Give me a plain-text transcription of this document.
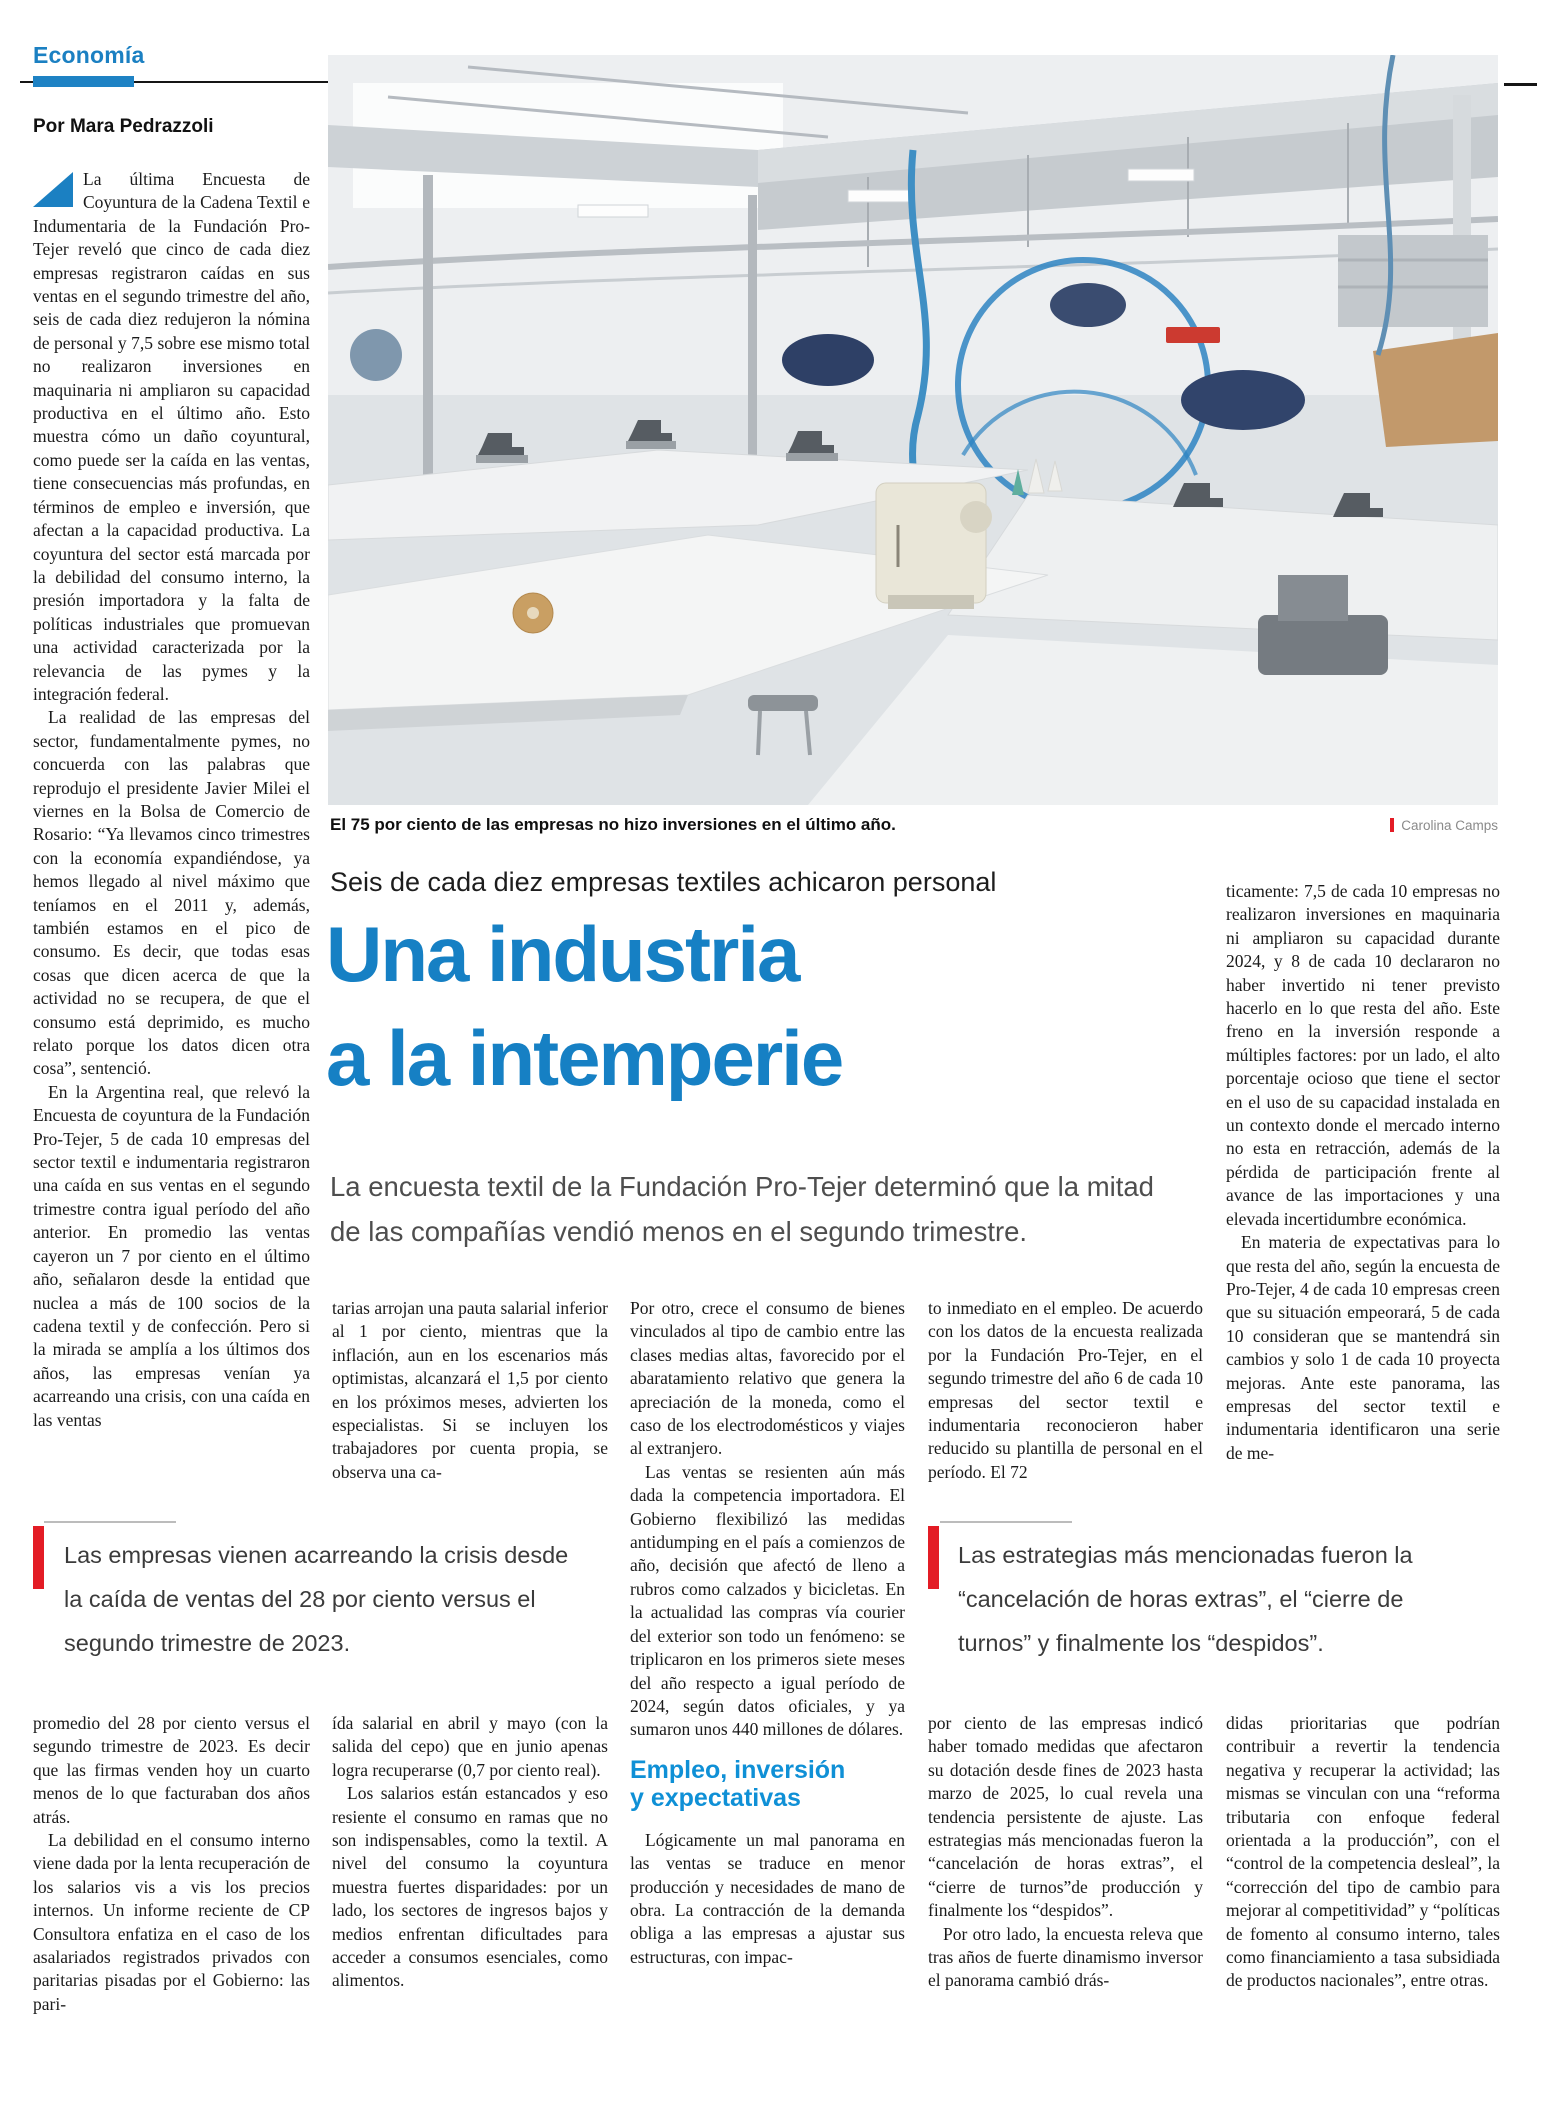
Economía
Por Mara Pedrazzoli

La última Encuesta de Coyuntura de la Cadena Textil e Indumentaria de la Fundación Pro-Tejer reveló que cinco de cada diez empresas registraron caídas en sus ventas en el segundo trimestre del año, seis de cada diez redujeron la nómina de personal y 7,5 sobre ese mismo total no realizaron inversiones en maquinaria ni ampliaron su capacidad productiva en el último año. Esto muestra cómo un daño coyuntural, como puede ser la caída en las ventas, tiene consecuencias más profundas, en términos de empleo e inversión, que afectan a la capacidad productiva. La coyuntura del sector está marcada por la debilidad del consumo interno, la presión importadora y la falta de políticas industriales que promuevan una actividad caracterizada por la relevancia de las pymes y la integración federal.

La realidad de las empresas del sector, fundamentalmente pymes, no concuerda con las palabras que reprodujo el presidente Javier Milei el viernes en la Bolsa de Comercio de Rosario: “Ya llevamos cinco trimestres con la economía expandiéndose, ya hemos llegado al nivel máximo que teníamos en el 2011 y, además, también estamos en el pico de consumo. Es decir, que todas esas cosas que dicen acerca de que la actividad no se recupera, de que el consumo está deprimido, es mucho relato porque los datos dicen otra cosa”, sentenció.

En la Argentina real, que relevó la Encuesta de coyuntura de la Fundación Pro-Tejer, 5 de cada 10 empresas del sector textil e indumentaria registraron una caída en sus ventas en el segundo trimestre contra igual período del año anterior. En promedio las ventas cayeron un 7 por ciento en el último año, señalaron desde la entidad que nuclea a más de 100 socios de la cadena textil y de confección. Pero si la mirada se amplía a los últimos dos años, las empresas venían ya acarreando una crisis, con una caída en las ventas

El 75 por ciento de las empresas no hizo inversiones en el último año.	Carolina Camps
Seis de cada diez empresas textiles achicaron personal
Una industria
a la intemperie
La encuesta textil de la Fundación Pro-Tejer determinó que la mitad de las compañías vendió menos en el segundo trimestre.

tarias arrojan una pauta salarial inferior al 1 por ciento, mientras que la inflación, aun en los escenarios más optimistas, alcanzará el 1,5 por ciento en los próximos meses, advierten los especialistas. Si se incluyen los trabajadores por cuenta propia, se observa una ca-

Por otro, crece el consumo de bienes vinculados al tipo de cambio entre las clases medias altas, favorecido por el abaratamiento relativo que genera la apreciación de la moneda, como el caso de los electrodomésticos y viajes al extranjero.

Las ventas se resienten aún más dada la competencia importadora. El Gobierno flexibilizó las medidas antidumping en el país a comienzos de año, decisión que afectó de lleno a rubros como calzados y bicicletas. En la actualidad las compras vía courier del exterior son todo un fenómeno: se triplicaron en los primeros siete meses del año respecto a igual período de 2024, según datos oficiales, y ya sumaron unos 440 millones de dólares.

Empleo, inversión
y expectativas

Lógicamente un mal panorama en las ventas se traduce en menor producción y necesidades de mano de obra. La contracción de la demanda obliga a las empresas a ajustar sus estructuras, con impac-

to inmediato en el empleo. De acuerdo con los datos de la encuesta realizada por la Fundación Pro-Tejer, en el segundo trimestre del año 6 de cada 10 empresas del sector textil e indumentaria reconocieron haber reducido su plantilla de personal en el período. El 72

ticamente: 7,5 de cada 10 empresas no realizaron inversiones en maquinaria ni ampliaron su capacidad durante 2024, y 8 de cada 10 declararon no haber invertido ni tener previsto hacerlo en lo que resta del año. Este freno en la inversión responde a múltiples factores: por un lado, el alto porcentaje ocioso que tiene el sector en el uso de su capacidad instalada en un contexto donde el mercado interno no esta en retracción, además de la pérdida de participación frente al avance de las importaciones y una elevada incertidumbre económica.

En materia de expectativas para lo que resta del año, según la encuesta de Pro-Tejer, 4 de cada 10 empresas creen que su situación empeorará, 5 de cada 10 consideran que se mantendrá sin cambios y solo 1 de cada 10 proyecta mejoras. Ante este panorama, las empresas del sector textil e indumentaria identificaron una serie de me-

Las empresas vienen acarreando la crisis desde la caída de ventas del 28 por ciento versus el segundo trimestre de 2023.
Las estrategias más mencionadas fueron la “cancelación de horas extras”, el “cierre de turnos” y finalmente los “despidos”.

promedio del 28 por ciento versus el segundo trimestre de 2023. Es decir que las firmas venden hoy un cuarto menos de lo que facturaban dos años atrás.

La debilidad en el consumo interno viene dada por la lenta recuperación de los salarios vis a vis los precios internos. Un informe reciente de CP Consultora enfatiza en el caso de los asalariados registrados privados con paritarias pisadas por el Gobierno: las pari-

ída salarial en abril y mayo (con la salida del cepo) que en junio apenas logra recuperarse (0,7 por ciento real).

Los salarios están estancados y eso resiente el consumo en ramas que no son indispensables, como la textil. A nivel del consumo la coyuntura muestra fuertes disparidades: por un lado, los sectores de ingresos bajos y medios enfrentan dificultades para acceder a consumos esenciales, como alimentos.

por ciento de las empresas indicó haber tomado medidas que afectaron su dotación desde fines de 2023 hasta marzo de 2025, lo cual revela una tendencia persistente de ajuste. Las estrategias más mencionadas fueron la “cancelación de horas extras”, el “cierre de turnos”de producción y finalmente los “despidos”.

Por otro lado, la encuesta releva que tras años de fuerte dinamismo inversor el panorama cambió drás-

didas prioritarias que podrían contribuir a revertir la tendencia negativa y recuperar la actividad; las mismas se vinculan con una “reforma tributaria con enfoque federal orientada a la producción”, con el “control de la competencia desleal”, la “corrección del tipo de cambio para mejorar al competitividad” y “políticas de fomento al consumo interno, tales como financiamiento a tasa subsidiada de productos nacionales”, entre otras.
